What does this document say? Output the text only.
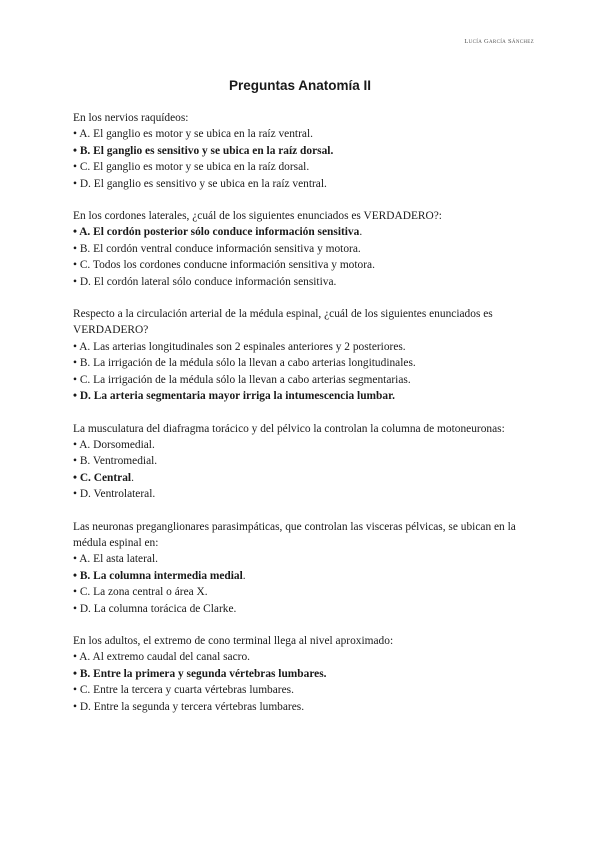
Lucía García Sánchez
Preguntas Anatomía II

En los nervios raquídeos:

• A. El ganglio es motor y se ubica en la raíz ventral.

• B. El ganglio es sensitivo y se ubica en la raíz dorsal.

• C. El ganglio es motor y se ubica en la raíz dorsal.

• D. El ganglio es sensitivo y se ubica en la raíz ventral.

En los cordones laterales, ¿cuál de los siguientes enunciados es VERDADERO?:

• A. El cordón posterior sólo conduce información sensitiva.

• B. El cordón ventral conduce información sensitiva y motora.

• C. Todos los cordones conducne información sensitiva y motora.

• D. El cordón lateral sólo conduce información sensitiva.

Respecto a la circulación arterial de la médula espinal, ¿cuál de los siguientes enunciados es VERDADERO?

• A. Las arterias longitudinales son 2 espinales anteriores y 2 posteriores.

• B. La irrigación de la médula sólo la llevan a cabo arterias longitudinales.

• C. La irrigación de la médula sólo la llevan a cabo arterias segmentarias.

• D. La arteria segmentaria mayor irriga la intumescencia lumbar.

La musculatura del diafragma torácico y del pélvico la controlan la columna de motoneuronas:

• A. Dorsomedial.

• B. Ventromedial.

• C. Central.

• D. Ventrolateral.

Las neuronas preganglionares parasimpáticas, que controlan las visceras pélvicas, se ubican en la médula espinal en:

• A. El asta lateral.

• B. La columna intermedia medial.

• C. La zona central o área X.

• D. La columna torácica de Clarke.

En los adultos, el extremo de cono terminal llega al nivel aproximado:

• A. Al extremo caudal del canal sacro.

• B. Entre la primera y segunda vértebras lumbares.

• C. Entre la tercera y cuarta vértebras lumbares.

• D. Entre la segunda y tercera vértebras lumbares.
